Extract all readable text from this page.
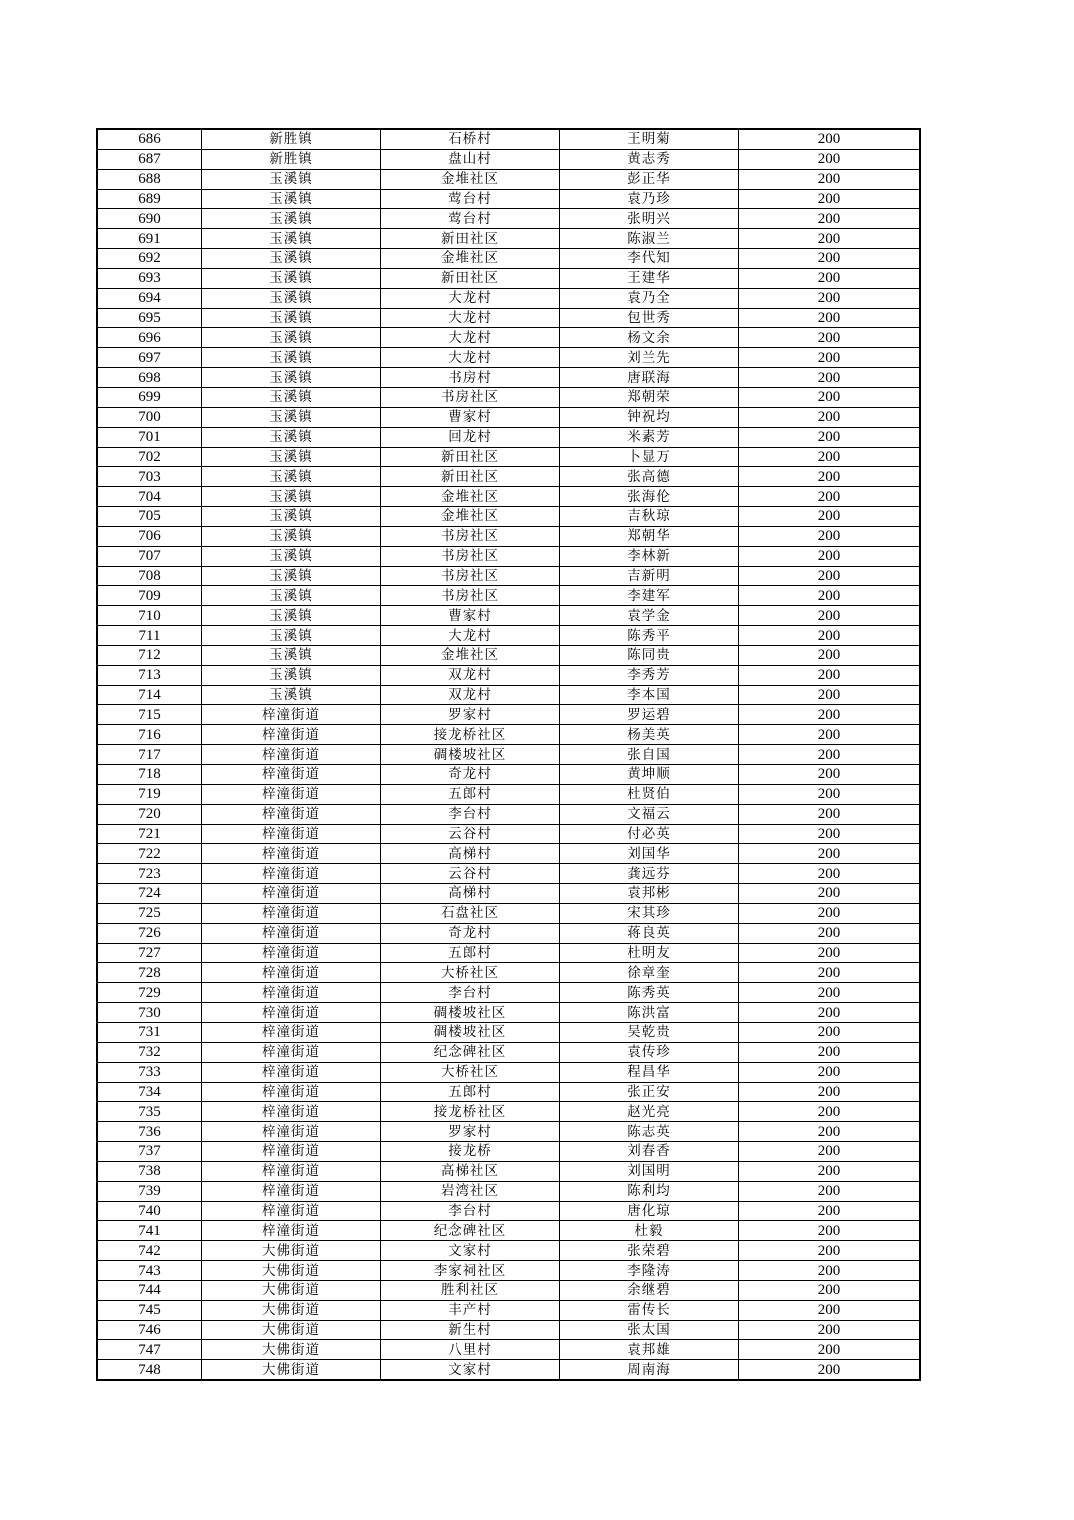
686	新胜镇	石桥村	王明菊	200
687	新胜镇	盘山村	黄志秀	200
688	玉溪镇	金堆社区	彭正华	200
689	玉溪镇	莺台村	袁乃珍	200
690	玉溪镇	莺台村	张明兴	200
691	玉溪镇	新田社区	陈淑兰	200
692	玉溪镇	金堆社区	李代知	200
693	玉溪镇	新田社区	王建华	200
694	玉溪镇	大龙村	袁乃全	200
695	玉溪镇	大龙村	包世秀	200
696	玉溪镇	大龙村	杨文余	200
697	玉溪镇	大龙村	刘兰先	200
698	玉溪镇	书房村	唐联海	200
699	玉溪镇	书房社区	郑朝荣	200
700	玉溪镇	曹家村	钟祝均	200
701	玉溪镇	回龙村	米素芳	200
702	玉溪镇	新田社区	卜显万	200
703	玉溪镇	新田社区	张高德	200
704	玉溪镇	金堆社区	张海伦	200
705	玉溪镇	金堆社区	吉秋琼	200
706	玉溪镇	书房社区	郑朝华	200
707	玉溪镇	书房社区	李林新	200
708	玉溪镇	书房社区	吉新明	200
709	玉溪镇	书房社区	李建军	200
710	玉溪镇	曹家村	袁学金	200
711	玉溪镇	大龙村	陈秀平	200
712	玉溪镇	金堆社区	陈同贵	200
713	玉溪镇	双龙村	李秀芳	200
714	玉溪镇	双龙村	李本国	200
715	梓潼街道	罗家村	罗运碧	200
716	梓潼街道	接龙桥社区	杨美英	200
717	梓潼街道	碉楼坡社区	张自国	200
718	梓潼街道	奇龙村	黄坤顺	200
719	梓潼街道	五郎村	杜贤伯	200
720	梓潼街道	李台村	文福云	200
721	梓潼街道	云谷村	付必英	200
722	梓潼街道	高梯村	刘国华	200
723	梓潼街道	云谷村	龚远芬	200
724	梓潼街道	高梯村	袁邦彬	200
725	梓潼街道	石盘社区	宋其珍	200
726	梓潼街道	奇龙村	蒋良英	200
727	梓潼街道	五郎村	杜明友	200
728	梓潼街道	大桥社区	徐章奎	200
729	梓潼街道	李台村	陈秀英	200
730	梓潼街道	碉楼坡社区	陈洪富	200
731	梓潼街道	碉楼坡社区	吴乾贵	200
732	梓潼街道	纪念碑社区	袁传珍	200
733	梓潼街道	大桥社区	程昌华	200
734	梓潼街道	五郎村	张正安	200
735	梓潼街道	接龙桥社区	赵光亮	200
736	梓潼街道	罗家村	陈志英	200
737	梓潼街道	接龙桥	刘春香	200
738	梓潼街道	高梯社区	刘国明	200
739	梓潼街道	岩湾社区	陈利均	200
740	梓潼街道	李台村	唐化琼	200
741	梓潼街道	纪念碑社区	杜毅	200
742	大佛街道	文家村	张荣碧	200
743	大佛街道	李家祠社区	李隆涛	200
744	大佛街道	胜利社区	余继碧	200
745	大佛街道	丰产村	雷传长	200
746	大佛街道	新生村	张太国	200
747	大佛街道	八里村	袁邦雄	200
748	大佛街道	文家村	周南海	200
